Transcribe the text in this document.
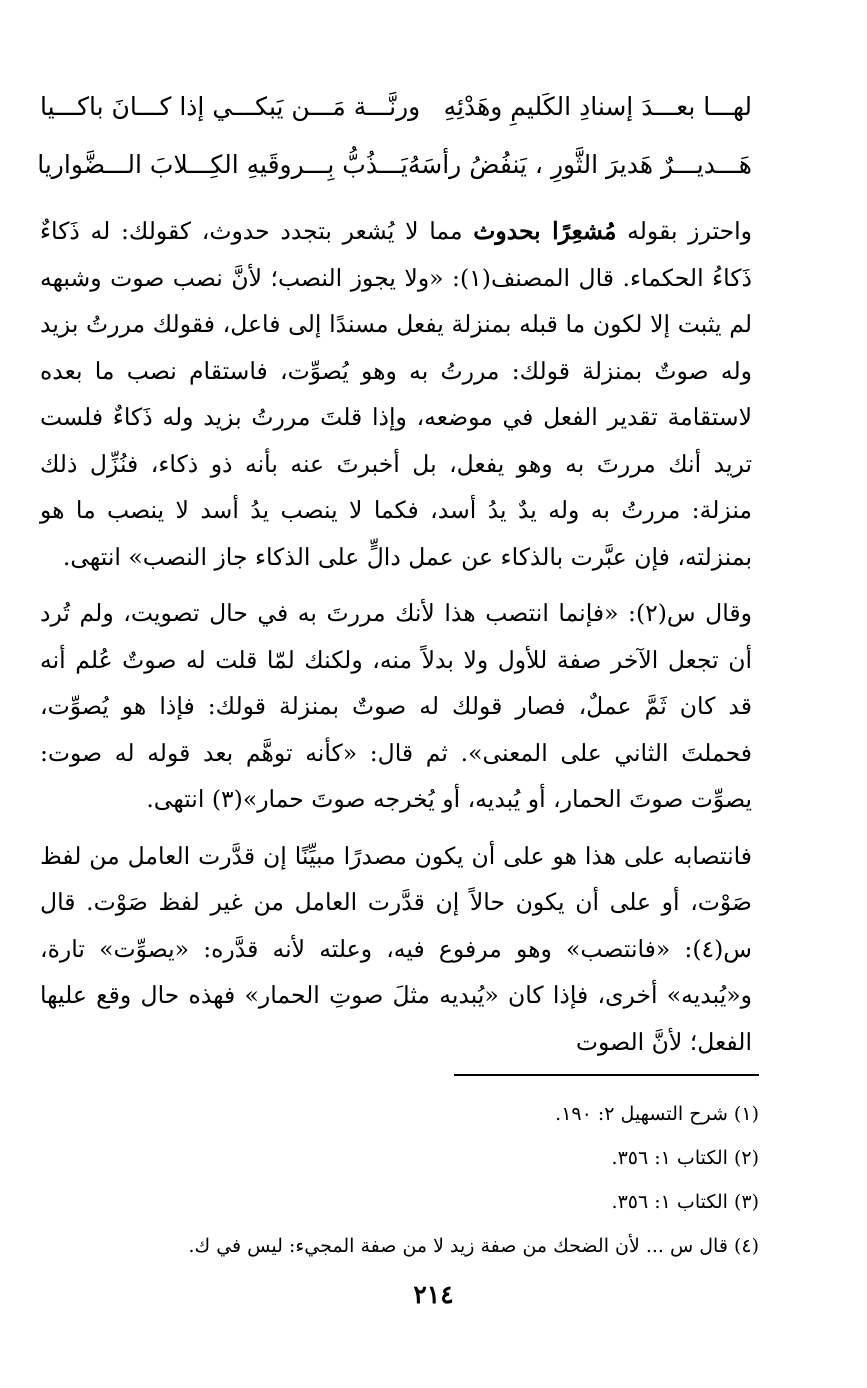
لهـــا بعـــدَ إسنادِ الكَليمِ وهَدْئِهِ
ورنَّـــة مَـــن يَبكـــي إذا كـــانَ باكـــيا
هَـــديـــرٌ هَديرَ الثَّورِ ، يَنفُضُ رأسَهُ
يَـــذُبُّ بِـــروقَيهِ الكِـــلابَ الـــضَّواريا

واحترز بقوله مُشعِرًا بحدوث مما لا يُشعر بتجدد حدوث، كقولك: له ذَكاءٌ ذَكاءُ الحكماء. قال المصنف(١): «ولا يجوز النصب؛ لأنَّ نصب صوت وشبهه لم يثبت إلا لكون ما قبله بمنزلة يفعل مسندًا إلى فاعل، فقولك مررتُ بزيد وله صوتٌ بمنزلة قولك: مررتُ به وهو يُصوِّت، فاستقام نصب ما بعده لاستقامة تقدير الفعل في موضعه، وإذا قلتَ مررتُ بزيد وله ذَكاءٌ فلست تريد أنك مررتَ به وهو يفعل، بل أخبرتَ عنه بأنه ذو ذكاء، فنُزِّل ذلك منزلة: مررتُ به وله يدٌ يدُ أسد، فكما لا ينصب يدُ أسد لا ينصب ما هو بمنزلته، فإن عبَّرت بالذكاء عن عمل دالٍّ على الذكاء جاز النصب» انتهى.

وقال س(٢): «فإنما انتصب هذا لأنك مررتَ به في حال تصويت، ولم تُرد أن تجعل الآخر صفة للأول ولا بدلاً منه، ولكنك لمّا قلت له صوتٌ عُلم أنه قد كان ثَمَّ عملٌ، فصار قولك له صوتٌ بمنزلة قولك: فإذا هو يُصوِّت، فحملتَ الثاني على المعنى». ثم قال: «كأنه توهَّم بعد قوله له صوت: يصوِّت صوتَ الحمار، أو يُبديه، أو يُخرجه صوتَ حمار»(٣) انتهى.

فانتصابه على هذا هو على أن يكون مصدرًا مبيِّنًا إن قدَّرت العامل من لفظ صَوْت، أو على أن يكون حالاً إن قدَّرت العامل من غير لفظ صَوْت. قال س(٤): «فانتصب» وهو مرفوع فيه، وعلته لأنه قدَّره: «يصوِّت» تارة، و«يُبديه» أخرى، فإذا كان «يُبديه مثلَ صوتِ الحمار» فهذه حال وقع عليها الفعل؛ لأنَّ الصوت

(١) شرح التسهيل ٢: ١٩٠.
(٢) الكتاب ١: ٣٥٦.
(٣) الكتاب ١: ٣٥٦.
(٤) قال س ... لأن الضحك من صفة زيد لا من صفة المجيء: ليس في ك.
٢١٤
